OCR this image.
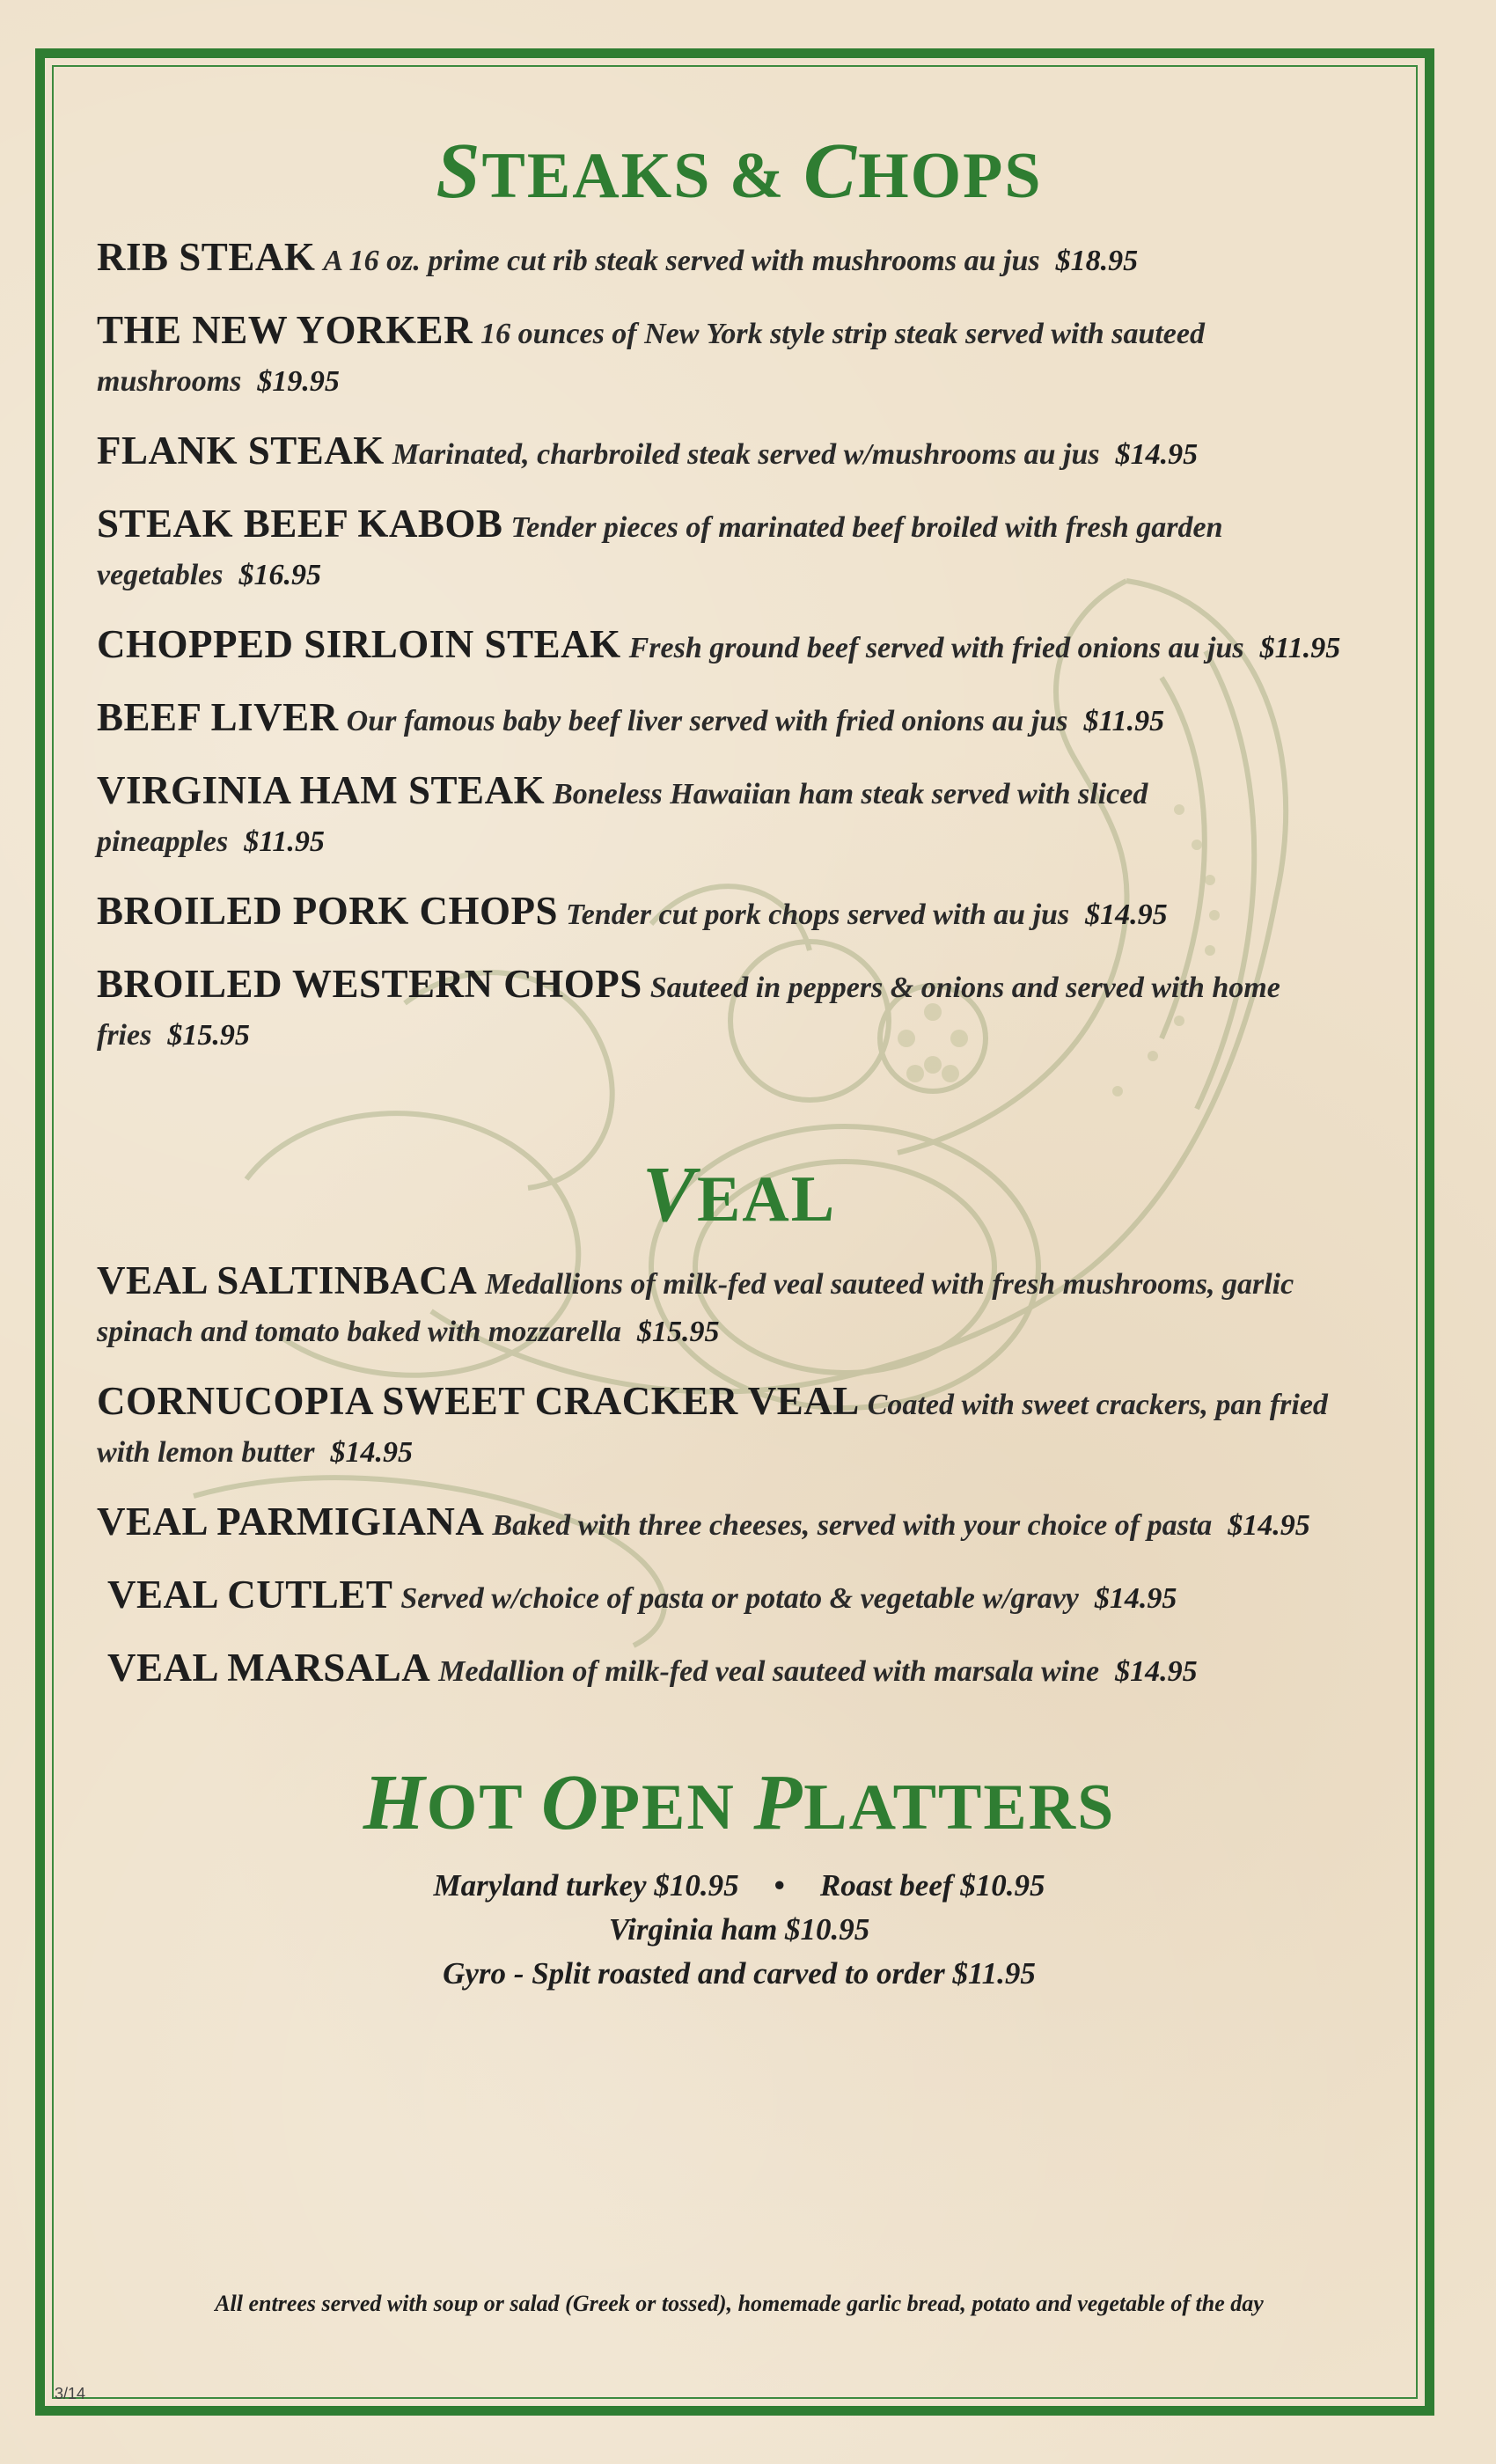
STEAKS & CHOPS
RIB STEAK A 16 oz. prime cut rib steak served with mushrooms au jus $18.95
THE NEW YORKER 16 ounces of New York style strip steak served with sauteed mushrooms $19.95
FLANK STEAK Marinated, charbroiled steak served w/mushrooms au jus $14.95
STEAK BEEF KABOB Tender pieces of marinated beef broiled with fresh garden vegetables $16.95
CHOPPED SIRLOIN STEAK Fresh ground beef served with fried onions au jus $11.95
BEEF LIVER Our famous baby beef liver served with fried onions au jus $11.95
VIRGINIA HAM STEAK Boneless Hawaiian ham steak served with sliced pineapples $11.95
BROILED PORK CHOPS Tender cut pork chops served with au jus $14.95
BROILED WESTERN CHOPS Sauteed in peppers & onions and served with home fries $15.95
VEAL
VEAL SALTINBACA Medallions of milk-fed veal sauteed with fresh mushrooms, garlic spinach and tomato baked with mozzarella $15.95
CORNUCOPIA SWEET CRACKER VEAL Coated with sweet crackers, pan fried with lemon butter $14.95
VEAL PARMIGIANA Baked with three cheeses, served with your choice of pasta $14.95
VEAL CUTLET Served w/choice of pasta or potato & vegetable w/gravy $14.95
VEAL MARSALA Medallion of milk-fed veal sauteed with marsala wine $14.95
HOT OPEN PLATTERS
Maryland turkey $10.95 • Roast beef $10.95
Virginia ham $10.95
Gyro - Split roasted and carved to order $11.95
All entrees served with soup or salad (Greek or tossed), homemade garlic bread, potato and vegetable of the day
3/14
